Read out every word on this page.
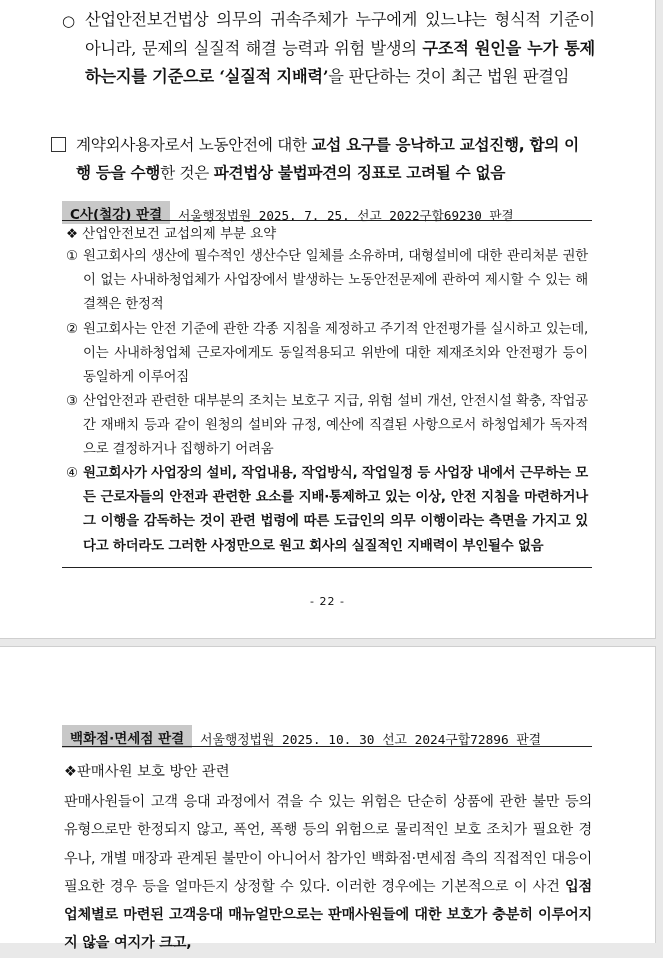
○ 산업안전보건법상 의무의 귀속주체가 누구에게 있느냐는 형식적 기준이 아니라, 문제의 실질적 해결 능력과 위험 발생의 구조적 원인을 누가 통제하는지를 기준으로 ‘실질적 지배력’을 판단하는 것이 최근 법원 판결임
계약외사용자로서 노동안전에 대한 교섭 요구를 응낙하고 교섭진행, 합의 이행 등을 수행한 것은 파견법상 불법파견의 징표로 고려될 수 없음
C사(철강) 판결	서울행정법원 2025. 7. 25. 선고 2022구합69230 판결
❖ 산업안전보건 교섭의제 부분 요약
① 원고회사의 생산에 필수적인 생산수단 일체를 소유하며, 대형설비에 대한 관리처분 권한이 없는 사내하청업체가 사업장에서 발생하는 노동안전문제에 관하여 제시할 수 있는 해결책은 한정적
② 원고회사는 안전 기준에 관한 각종 지침을 제정하고 주기적 안전평가를 실시하고 있는데, 이는 사내하청업체 근로자에게도 동일적용되고 위반에 대한 제재조치와 안전평가 등이 동일하게 이루어짐
③ 산업안전과 관련한 대부분의 조치는 보호구 지급, 위험 설비 개선, 안전시설 확충, 작업공간 재배치 등과 같이 원청의 설비와 규정, 예산에 직결된 사항으로서 하청업체가 독자적으로 결정하거나 집행하기 어려움
④ 원고회사가 사업장의 설비, 작업내용, 작업방식, 작업일정 등 사업장 내에서 근무하는 모든 근로자들의 안전과 관련한 요소를 지배·통제하고 있는 이상, 안전 지침을 마련하거나 그 이행을 감독하는 것이 관련 법령에 따른 도급인의 의무 이행이라는 측면을 가지고 있다고 하더라도 그러한 사정만으로 원고 회사의 실질적인 지배력이 부인될수 없음
- 22 -
백화점·면세점 판결	서울행정법원 2025. 10. 30 선고 2024구합72896 판결
❖판매사원 보호 방안 관련
판매사원들이 고객 응대 과정에서 겪을 수 있는 위험은 단순히 상품에 관한 불만 등의 유형으로만 한정되지 않고, 폭언, 폭행 등의 위험으로 물리적인 보호 조치가 필요한 경우나, 개별 매장과 관계된 불만이 아니어서 참가인 백화점·면세점 측의 직접적인 대응이 필요한 경우 등을 얼마든지 상정할 수 있다. 이러한 경우에는 기본적으로 이 사건 입점업체별로 마련된 고객응대 매뉴얼만으로는 판매사원들에 대한 보호가 충분히 이루어지지 않을 여지가 크고,
